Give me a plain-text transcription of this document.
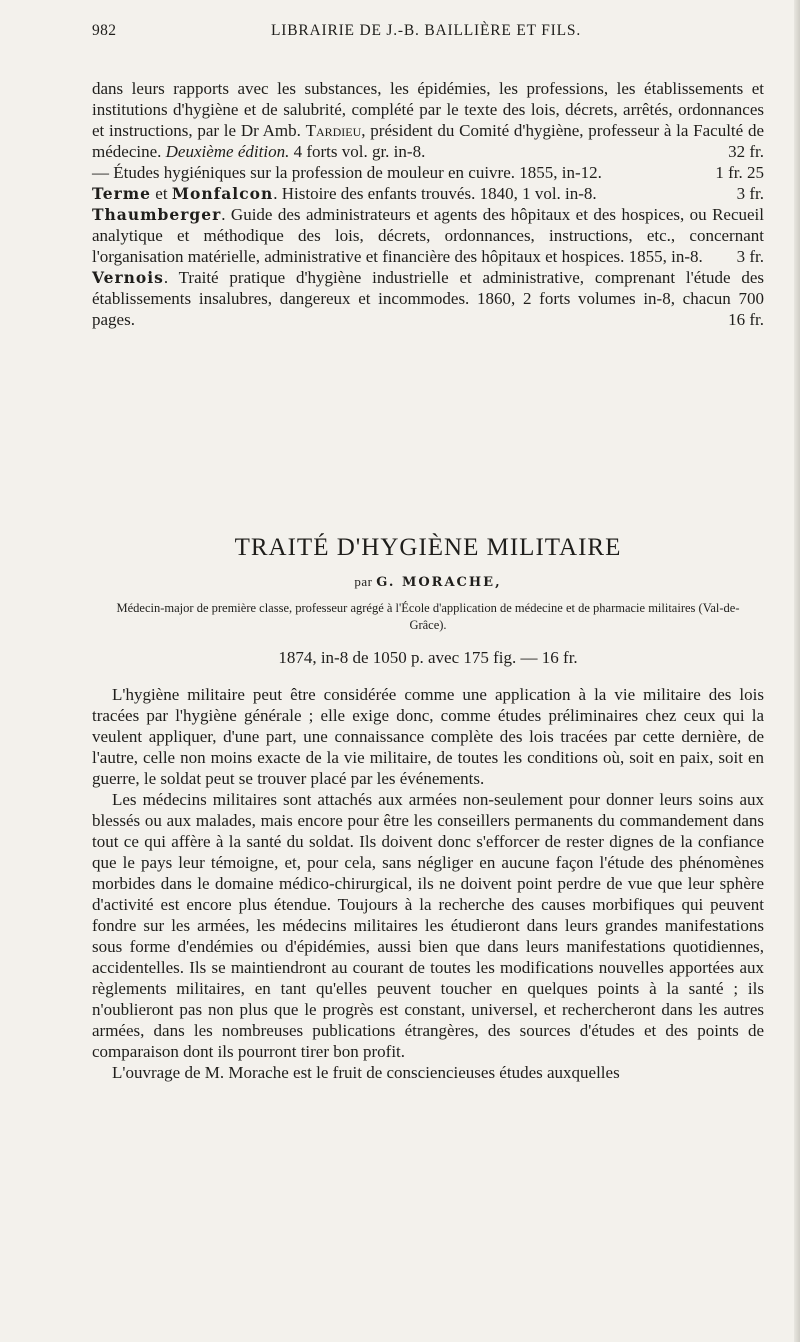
982	LIBRAIRIE DE J.-B. BAILLIÈRE ET FILS.

dans leurs rapports avec les substances, les épidémies, les professions, les établissements et institutions d'hygiène et de salubrité, complété par le texte des lois, décrets, arrêtés, ordonnances et instructions, par le Dr Amb. Tardieu, président du Comité d'hygiène, professeur à la Faculté de médecine. Deuxième édition. 4 forts vol. gr. in-8.	32 fr.

— Études hygiéniques sur la profession de mouleur en cuivre. 1855, in-12.	1 fr. 25

Terme et Monfalcon. Histoire des enfants trouvés. 1840, 1 vol. in-8.	3 fr.

Thaumberger. Guide des administrateurs et agents des hôpitaux et des hospices, ou Recueil analytique et méthodique des lois, décrets, ordonnances, instructions, etc., concernant l'organisation matérielle, administrative et financière des hôpitaux et hospices. 1855, in-8. 3 fr.

Vernois. Traité pratique d'hygiène industrielle et administrative, comprenant l'étude des établissements insalubres, dangereux et incommodes. 1860, 2 forts volumes in-8, chacun 700 pages.	16 fr.

TRAITÉ D'HYGIÈNE MILITAIRE
par G. MORACHE,
Médecin-major de première classe, professeur agrégé à l'École d'application de médecine et de pharmacie militaires (Val-de-Grâce).
1874, in-8 de 1050 p. avec 175 fig. — 16 fr.

L'hygiène militaire peut être considérée comme une application à la vie militaire des lois tracées par l'hygiène générale ; elle exige donc, comme études préliminaires chez ceux qui la veulent appliquer, d'une part, une connaissance complète des lois tracées par cette dernière, de l'autre, celle non moins exacte de la vie militaire, de toutes les conditions où, soit en paix, soit en guerre, le soldat peut se trouver placé par les événements.

Les médecins militaires sont attachés aux armées non-seulement pour donner leurs soins aux blessés ou aux malades, mais encore pour être les conseillers permanents du commandement dans tout ce qui affère à la santé du soldat. Ils doivent donc s'efforcer de rester dignes de la confiance que le pays leur témoigne, et, pour cela, sans négliger en aucune façon l'étude des phénomènes morbides dans le domaine médico-chirurgical, ils ne doivent point perdre de vue que leur sphère d'activité est encore plus étendue. Toujours à la recherche des causes morbifiques qui peuvent fondre sur les armées, les médecins militaires les étudieront dans leurs grandes manifestations sous forme d'endémies ou d'épidémies, aussi bien que dans leurs manifestations quotidiennes, accidentelles. Ils se maintiendront au courant de toutes les modifications nouvelles apportées aux règlements militaires, en tant qu'elles peuvent toucher en quelques points à la santé ; ils n'oublieront pas non plus que le progrès est constant, universel, et rechercheront dans les autres armées, dans les nombreuses publications étrangères, des sources d'études et des points de comparaison dont ils pourront tirer bon profit.

L'ouvrage de M. Morache est le fruit de consciencieuses études auxquelles
